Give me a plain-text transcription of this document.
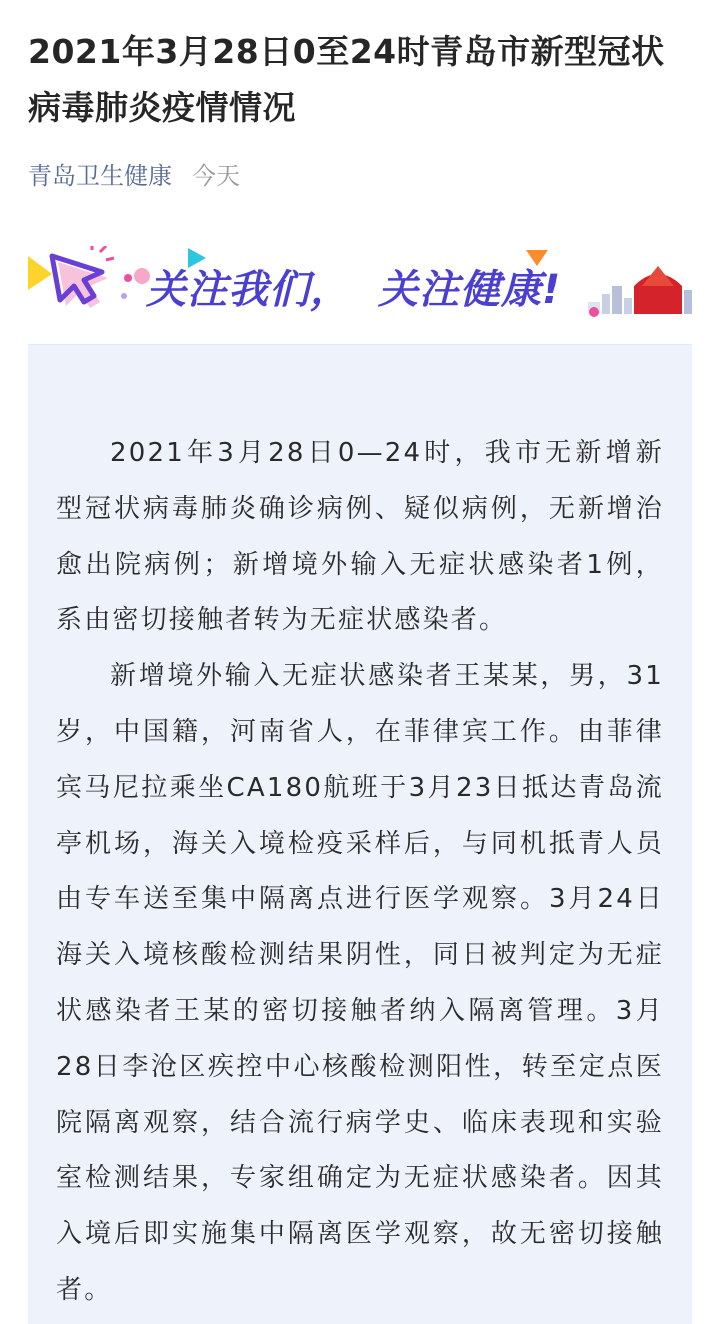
2021年3月28日0至24时青岛市新型冠状病毒肺炎疫情情况
青岛卫生健康 今天
关注我们， 关注健康!

2021年3月28日0—24时，我市无新增新型冠状病毒肺炎确诊病例、疑似病例，无新增治愈出院病例；新增境外输入无症状感染者1例，系由密切接触者转为无症状感染者。

新增境外输入无症状感染者王某某，男，31岁，中国籍，河南省人，在菲律宾工作。由菲律宾马尼拉乘坐CA180航班于3月23日抵达青岛流亭机场，海关入境检疫采样后，与同机抵青人员由专车送至集中隔离点进行医学观察。3月24日海关入境核酸检测结果阴性，同日被判定为无症状感染者王某的密切接触者纳入隔离管理。3月28日李沧区疾控中心核酸检测阳性，转至定点医院隔离观察，结合流行病学史、临床表现和实验室检测结果，专家组确定为无症状感染者。因其入境后即实施集中隔离医学观察，故无密切接触者。
